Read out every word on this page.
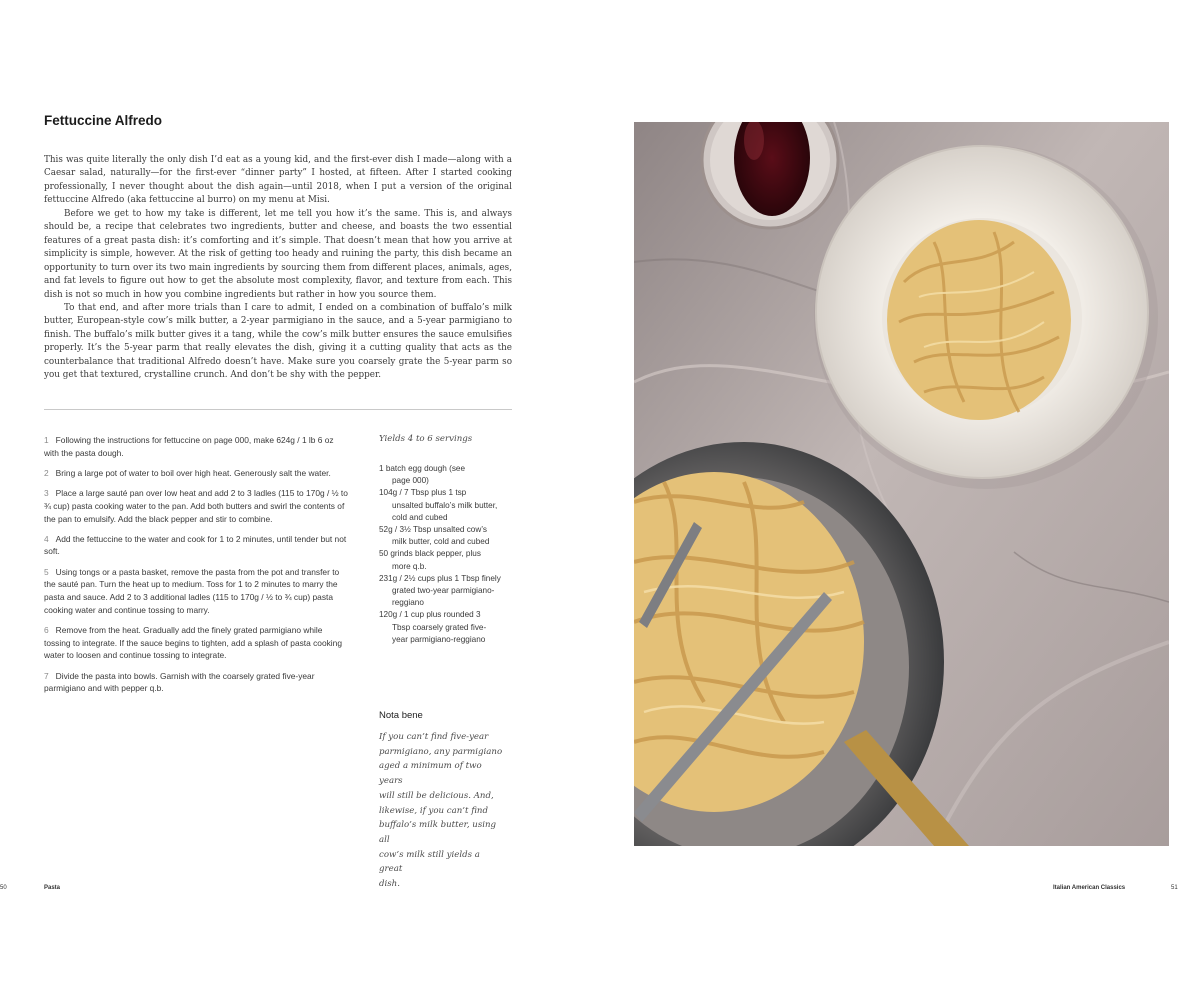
Fettuccine Alfredo

This was quite literally the only dish I’d eat as a young kid, and the first-ever dish I made—along with a Caesar salad, naturally—for the first-ever “dinner party” I hosted, at fifteen. After I started cooking professionally, I never thought about the dish again—until 2018, when I put a version of the original fettuccine Alfredo (aka fettuccine al burro) on my menu at Misi.

Before we get to how my take is different, let me tell you how it’s the same. This is, and always should be, a recipe that celebrates two ingredients, butter and cheese, and boasts the two essential features of a great pasta dish: it’s comforting and it’s simple. That doesn’t mean that how you arrive at simplicity is simple, however. At the risk of getting too heady and ruining the party, this dish became an opportunity to turn over its two main ingredients by sourcing them from different places, animals, ages, and fat levels to figure out how to get the absolute most complexity, flavor, and texture from each. This dish is not so much in how you combine ingredients but rather in how you source them.

To that end, and after more trials than I care to admit, I ended on a combination of buffalo’s milk butter, European-style cow’s milk butter, a 2-year parmigiano in the sauce, and a 5-year parmigiano to finish. The buffalo’s milk butter gives it a tang, while the cow’s milk butter ensures the sauce emulsifies properly. It’s the 5-year parm that really elevates the dish, giving it a cutting quality that acts as the counterbalance that traditional Alfredo doesn’t have. Make sure you coarsely grate the 5-year parm so you get that textured, crystalline crunch. And don’t be shy with the pepper.

1 Following the instructions for fettuccine on page 000, make 624g / 1 lb 6 oz with the pasta dough.

2 Bring a large pot of water to boil over high heat. Generously salt the water.

3 Place a large sauté pan over low heat and add 2 to 3 ladles (115 to 170g / ½ to ¾ cup) pasta cooking water to the pan. Add both butters and swirl the contents of the pan to emulsify. Add the black pepper and stir to combine.

4 Add the fettuccine to the water and cook for 1 to 2 minutes, until tender but not soft.

5 Using tongs or a pasta basket, remove the pasta from the pot and transfer to the sauté pan. Turn the heat up to medium. Toss for 1 to 2 minutes to marry the pasta and sauce. Add 2 to 3 additional ladles (115 to 170g / ½ to ¾ cup) pasta cooking water and continue tossing to marry.

6 Remove from the heat. Gradually add the finely grated parmigiano while tossing to integrate. If the sauce begins to tighten, add a splash of pasta cooking water to loosen and continue tossing to integrate.

7 Divide the pasta into bowls. Garnish with the coarsely grated five-year parmigiano and with pepper q.b.

Yields 4 to 6 servings
1 batch egg dough (see
page 000)
104g / 7 Tbsp plus 1 tsp
unsalted buffalo’s milk butter,
cold and cubed
52g / 3½ Tbsp unsalted cow’s
milk butter, cold and cubed
50 grinds black pepper, plus
more q.b.
231g / 2½ cups plus 1 Tbsp finely
grated two-year parmigiano-
reggiano
120g / 1 cup plus rounded 3
Tbsp coarsely grated five-
year parmigiano-reggiano
Nota bene
If you can’t find five-year
parmigiano, any parmigiano
aged a minimum of two years
will still be delicious. And,
likewise, if you can’t find
buffalo’s milk butter, using all
cow’s milk still yields a great
dish.
50	Pasta	Italian American Classics	51
